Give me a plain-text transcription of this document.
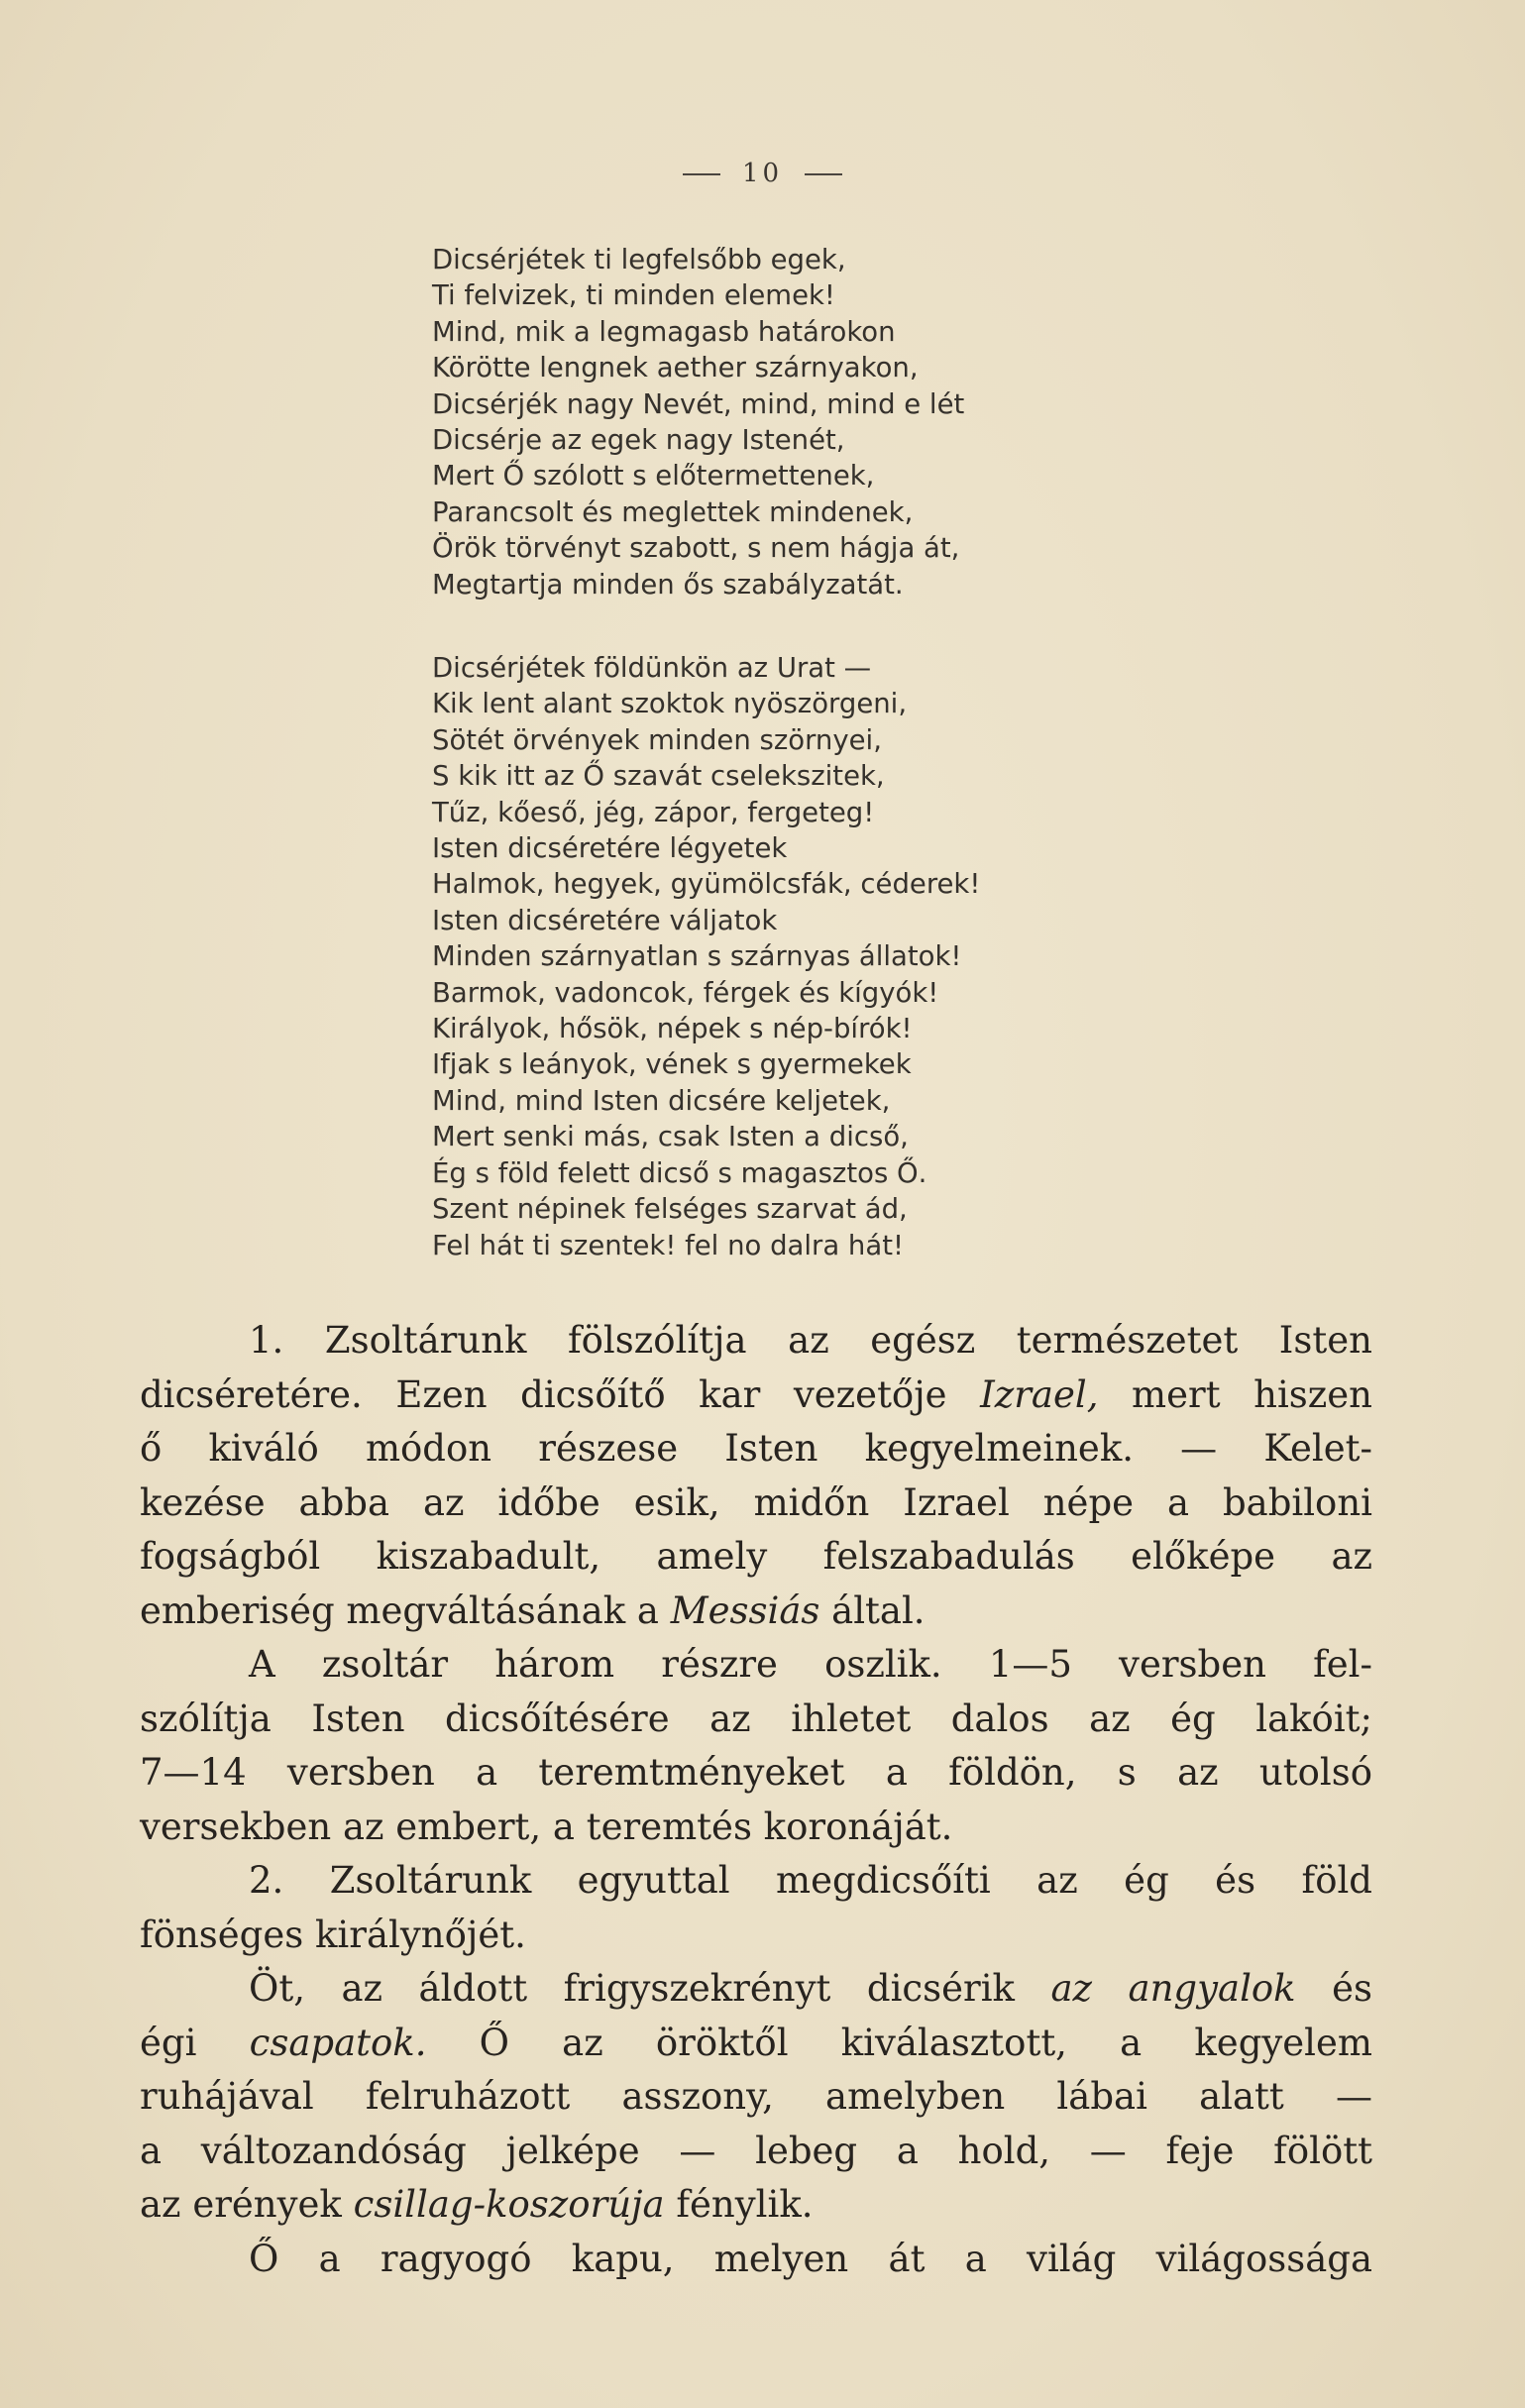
10
Dicsérjétek ti legfelsőbb egek,
Ti felvizek, ti minden elemek!
Mind, mik a legmagasb határokon
Körötte lengnek aether szárnyakon,
Dicsérjék nagy Nevét, mind, mind e lét
Dicsérje az egek nagy Istenét,
Mert Ő szólott s előtermettenek,
Parancsolt és meglettek mindenek,
Örök törvényt szabott, s nem hágja át,
Megtartja minden ős szabályzatát.
Dicsérjétek földünkön az Urat —
Kik lent alant szoktok nyöszörgeni,
Sötét örvények minden szörnyei,
S kik itt az Ő szavát cselekszitek,
Tűz, kőeső, jég, zápor, fergeteg!
Isten dicséretére légyetek
Halmok, hegyek, gyümölcsfák, céderek!
Isten dicséretére váljatok
Minden szárnyatlan s szárnyas állatok!
Barmok, vadoncok, férgek és kígyók!
Királyok, hősök, népek s nép-bírók!
Ifjak s leányok, vének s gyermekek
Mind, mind Isten dicsére keljetek,
Mert senki más, csak Isten a dicső,
Ég s föld felett dicső s magasztos Ő.
Szent népinek felséges szarvat ád,
Fel hát ti szentek! fel no dalra hát!
1. Zsoltárunk fölszólítja az egész természetet Isten
dicséretére. Ezen dicsőítő kar vezetője Izrael, mert hiszen
ő kiváló módon részese Isten kegyelmeinek. — Kelet-
kezése abba az időbe esik, midőn Izrael népe a babiloni
fogságból kiszabadult, amely felszabadulás előképe az
emberiség megváltásának a Messiás által.
A zsoltár három részre oszlik. 1—5 versben fel-
szólítja Isten dicsőítésére az ihletet dalos az ég lakóit;
7—14 versben a teremtményeket a földön, s az utolsó
versekben az embert, a teremtés koronáját.
2. Zsoltárunk egyuttal megdicsőíti az ég és föld
fönséges királynőjét.
Öt, az áldott frigyszekrényt dicsérik az angyalok és
égi csapatok. Ő az öröktől kiválasztott, a kegyelem
ruhájával felruházott asszony, amelyben lábai alatt —
a változandóság jelképe — lebeg a hold, — feje fölött
az erények csillag-koszorúja fénylik.
Ő a ragyogó kapu, melyen át a világ világossága
